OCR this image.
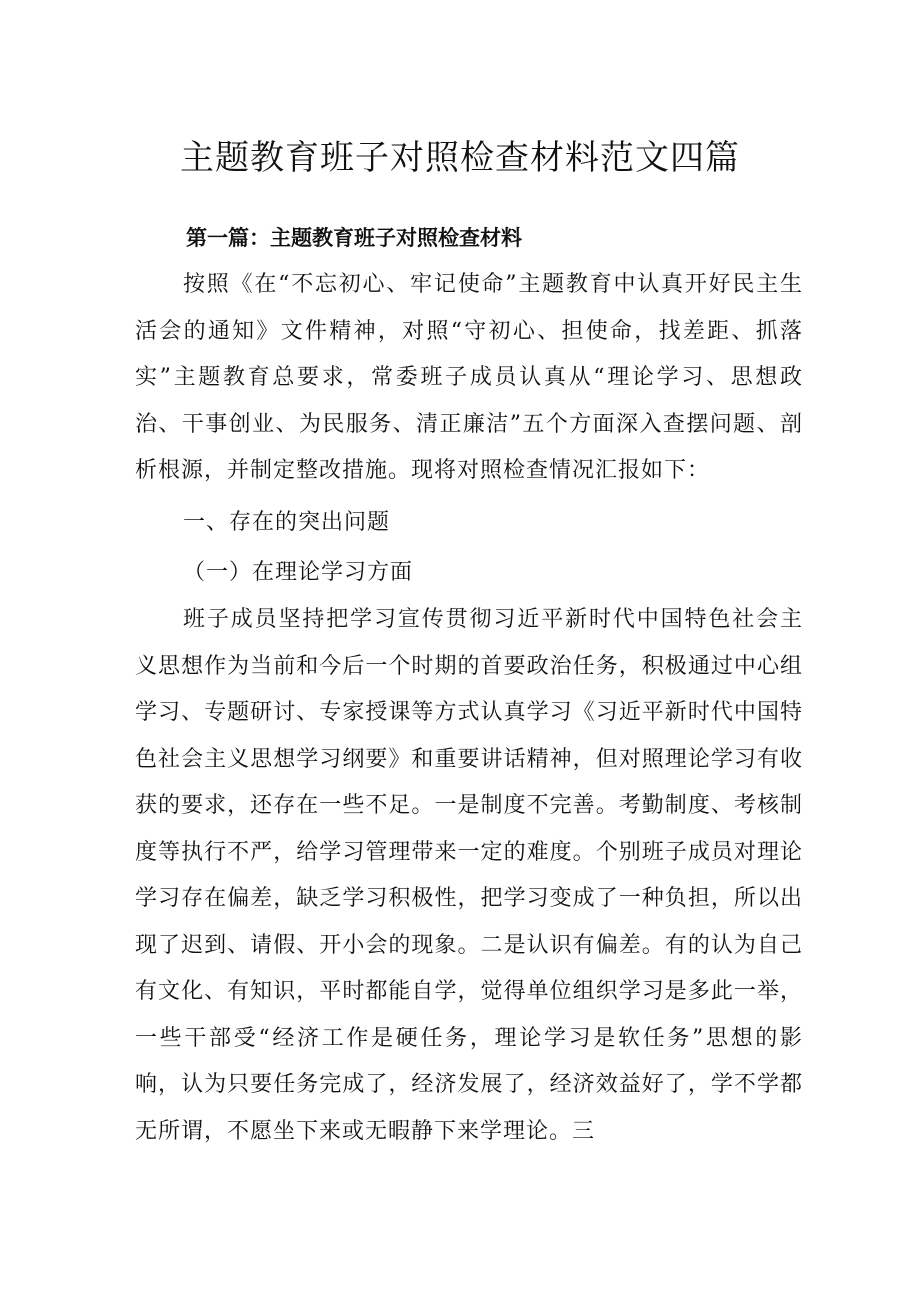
主题教育班子对照检查材料范文四篇
第一篇：主题教育班子对照检查材料

按照《在“不忘初心、牢记使命”主题教育中认真开好民主生活会的通知》文件精神，对照“守初心、担使命，找差距、抓落实”主题教育总要求，常委班子成员认真从“理论学习、思想政治、干事创业、为民服务、清正廉洁”五个方面深入查摆问题、剖析根源，并制定整改措施。现将对照检查情况汇报如下：

一、存在的突出问题

（一）在理论学习方面

班子成员坚持把学习宣传贯彻习近平新时代中国特色社会主义思想作为当前和今后一个时期的首要政治任务，积极通过中心组学习、专题研讨、专家授课等方式认真学习《习近平新时代中国特色社会主义思想学习纲要》和重要讲话精神，但对照理论学习有收获的要求，还存在一些不足。一是制度不完善。考勤制度、考核制度等执行不严，给学习管理带来一定的难度。个别班子成员对理论学习存在偏差，缺乏学习积极性，把学习变成了一种负担，所以出现了迟到、请假、开小会的现象。二是认识有偏差。有的认为自己有文化、有知识，平时都能自学，觉得单位组织学习是多此一举，一些干部受“经济工作是硬任务，理论学习是软任务”思想的影响，认为只要任务完成了，经济发展了，经济效益好了，学不学都无所谓，不愿坐下来或无暇静下来学理论。三
